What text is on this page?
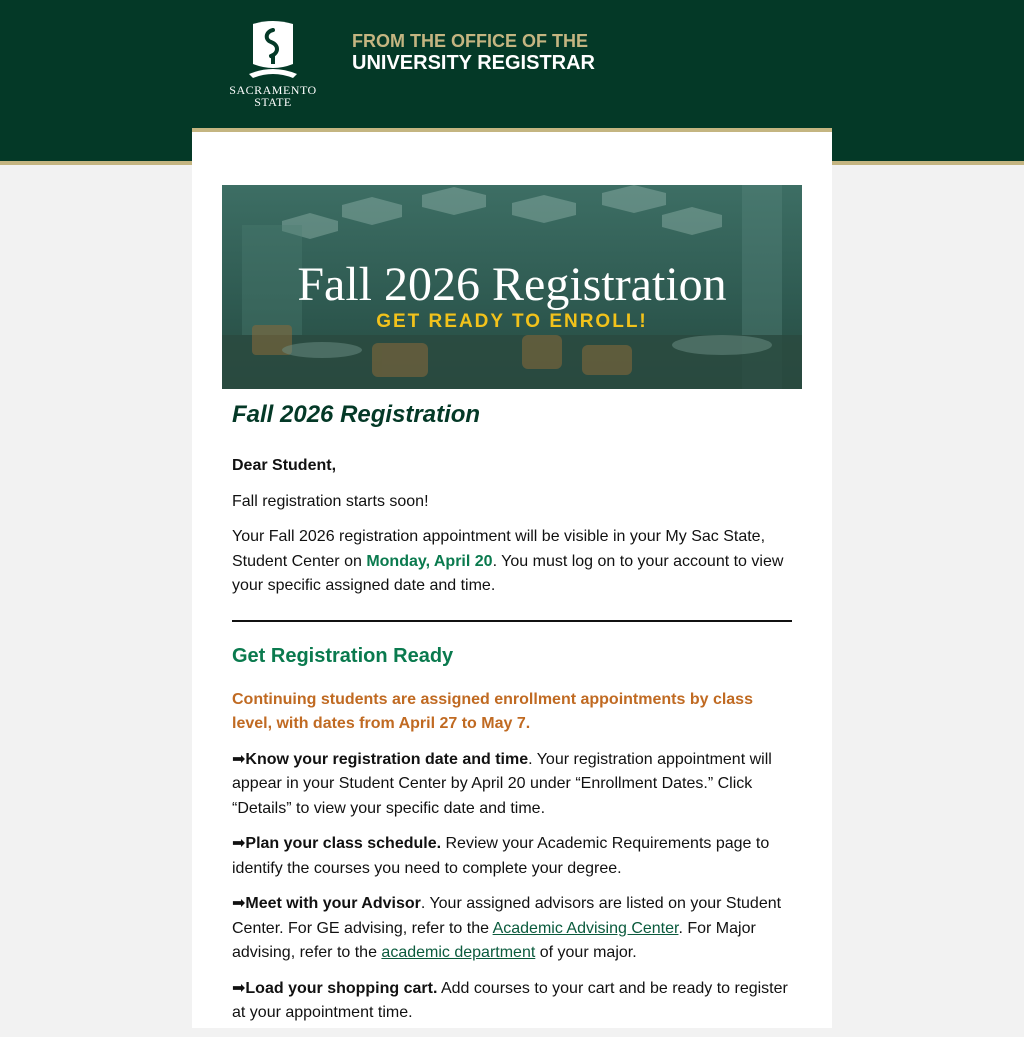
SACRAMENTO
STATE
FROM THE OFFICE OF THE
UNIVERSITY REGISTRAR
Fall 2026 Registration
GET READY TO ENROLL!
Fall 2026 Registration

Dear Student,

Fall registration starts soon!

Your Fall 2026 registration appointment will be visible in your My Sac State, Student Center on Monday, April 20. You must log on to your account to view your specific assigned date and time.

Get Registration Ready

Continuing students are assigned enrollment appointments by class level, with dates from April 27 to May 7.

➡Know your registration date and time. Your registration appointment will appear in your Student Center by April 20 under “Enrollment Dates.” Click “Details” to view your specific date and time.

➡Plan your class schedule. Review your Academic Requirements page to identify the courses you need to complete your degree.

➡Meet with your Advisor. Your assigned advisors are listed on your Student Center. For GE advising, refer to the Academic Advising Center. For Major advising, refer to the academic department of your major.

➡Load your shopping cart. Add courses to your cart and be ready to register at your appointment time.
